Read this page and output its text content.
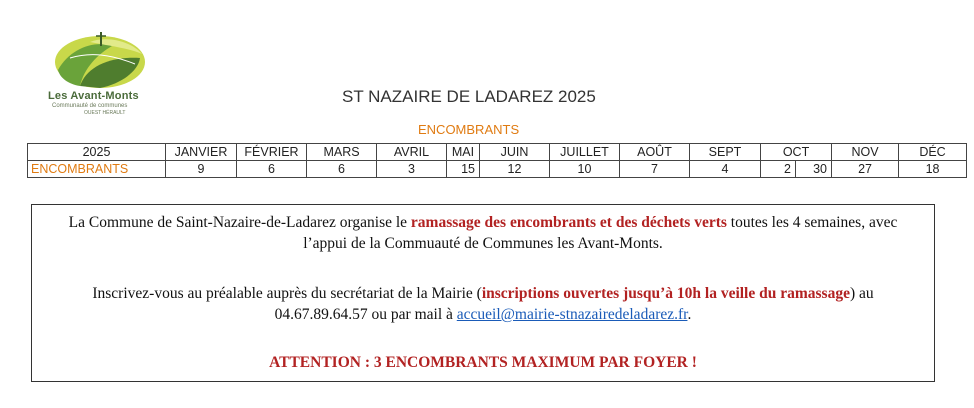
Les Avant-Monts
Communauté de communes
OUEST HÉRAULT
ST NAZAIRE DE LADAREZ 2025
ENCOMBRANTS
2025	JANVIER	FÉVRIER	MARS	AVRIL	MAI	JUIN	JUILLET	AOÛT	SEPT	OCT		NOV	DÉC
ENCOMBRANTS	9	6	6	3	15	12	10	7	4	2	30	27	18

La Commune de Saint-Nazaire-de-Ladarez organise le ramassage des encombrants et des déchets verts toutes les 4 semaines, avec l’appui de la Commuauté de Communes les Avant-Monts.

Inscrivez-vous au préalable auprès du secrétariat de la Mairie (inscriptions ouvertes jusqu’à 10h la veille du ramassage) au 04.67.89.64.57 ou par mail à accueil@mairie-stnazairedeladarez.fr.

ATTENTION : 3 ENCOMBRANTS MAXIMUM PAR FOYER !
